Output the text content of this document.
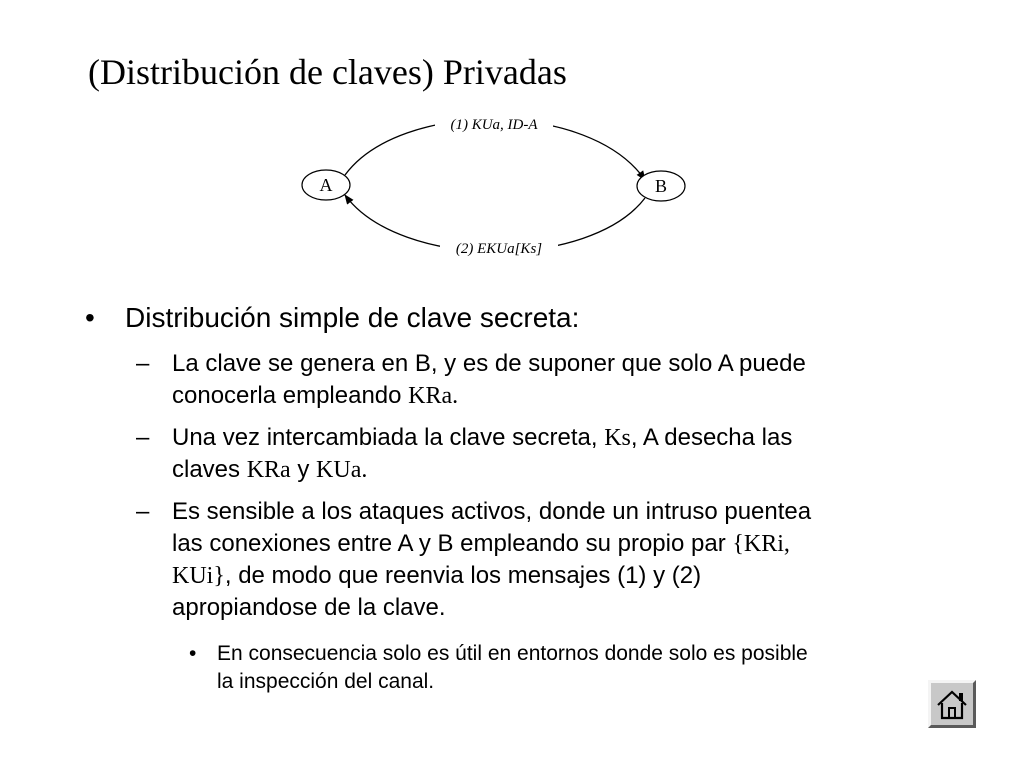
(Distribución de claves) Privadas
(1) KUa, ID-A
(2) EKUa[Ks]
A	B
• Distribución simple de clave secreta:
– La clave se genera en B, y es de suponer que solo A puede
conocerla empleando KRa.
– Una vez intercambiada la clave secreta, Ks, A desecha las
claves KRa y KUa.
– Es sensible a los ataques activos, donde un intruso puentea
las conexiones entre A y B empleando su propio par {KRi,
KUi}, de modo que reenvia los mensajes (1) y (2)
apropiandose de la clave.
• En consecuencia solo es útil en entornos donde solo es posible
la inspección del canal.
